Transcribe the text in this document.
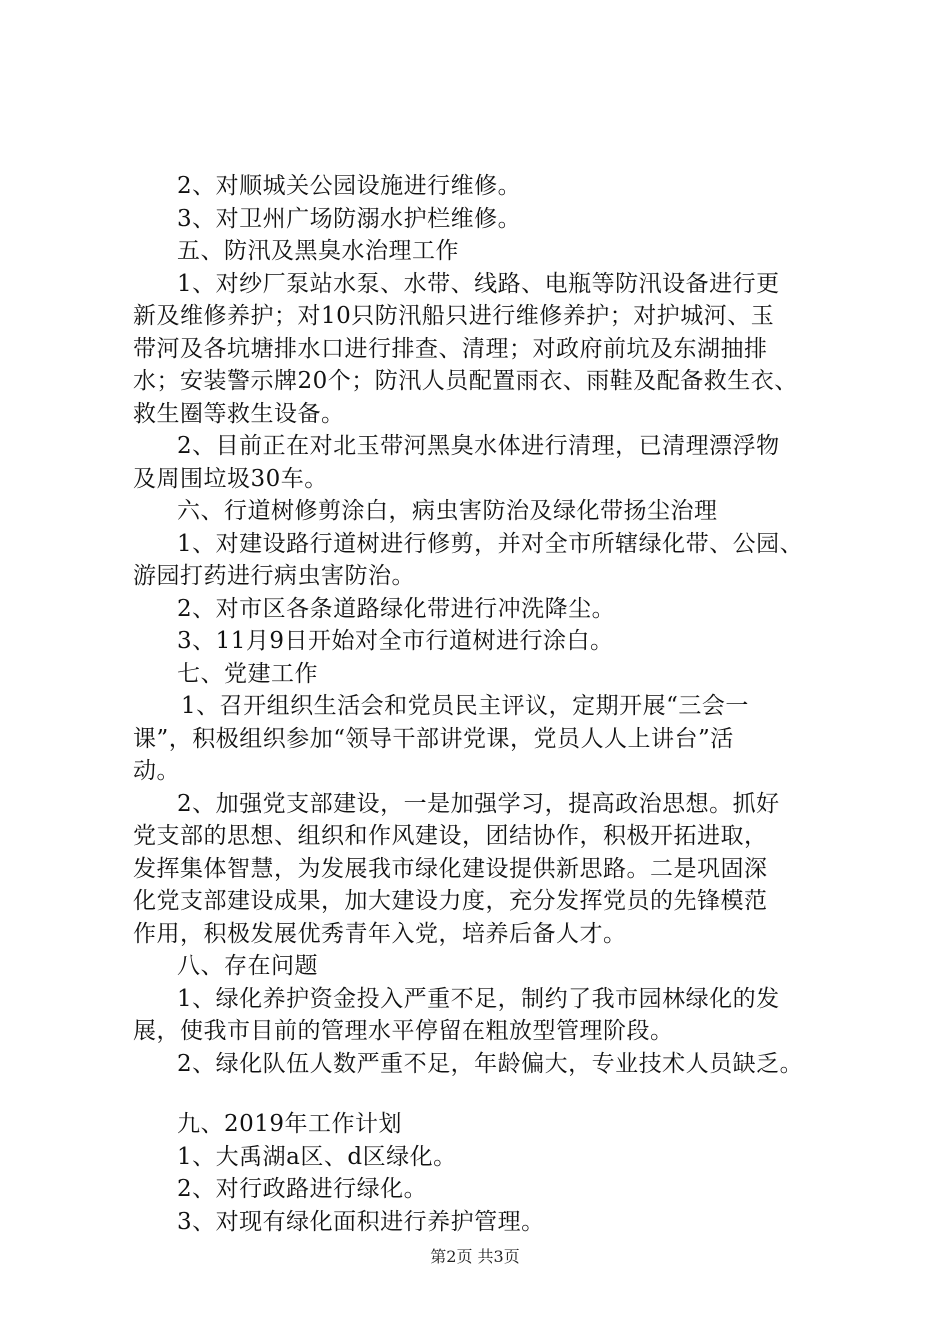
2、对顺城关公园设施进行维修。
3、对卫州广场防溺水护栏维修。
五、防汛及黑臭水治理工作
1、对纱厂泵站水泵、水带、线路、电瓶等防汛设备进行更
新及维修养护；对10只防汛船只进行维修养护；对护城河、玉
带河及各坑塘排水口进行排查、清理；对政府前坑及东湖抽排
水；安装警示牌20个；防汛人员配置雨衣、雨鞋及配备救生衣、
救生圈等救生设备。
2、目前正在对北玉带河黑臭水体进行清理，已清理漂浮物
及周围垃圾30车。
六、行道树修剪涂白，病虫害防治及绿化带扬尘治理
1、对建设路行道树进行修剪，并对全市所辖绿化带、公园、
游园打药进行病虫害防治。
2、对市区各条道路绿化带进行冲洗降尘。
3、11月9日开始对全市行道树进行涂白。
七、党建工作
1、召开组织生活会和党员民主评议，定期开展“三会一
课”，积极组织参加“领导干部讲党课，党员人人上讲台”活
动。
2、加强党支部建设，一是加强学习，提高政治思想。抓好
党支部的思想、组织和作风建设，团结协作，积极开拓进取，
发挥集体智慧，为发展我市绿化建设提供新思路。二是巩固深
化党支部建设成果，加大建设力度，充分发挥党员的先锋模范
作用，积极发展优秀青年入党，培养后备人才。
八、存在问题
1、绿化养护资金投入严重不足，制约了我市园林绿化的发
展，使我市目前的管理水平停留在粗放型管理阶段。
2、绿化队伍人数严重不足，年龄偏大，专业技术人员缺乏。
九、2019年工作计划
1、大禹湖a区、d区绿化。
2、对行政路进行绿化。
3、对现有绿化面积进行养护管理。
第2页 共3页
